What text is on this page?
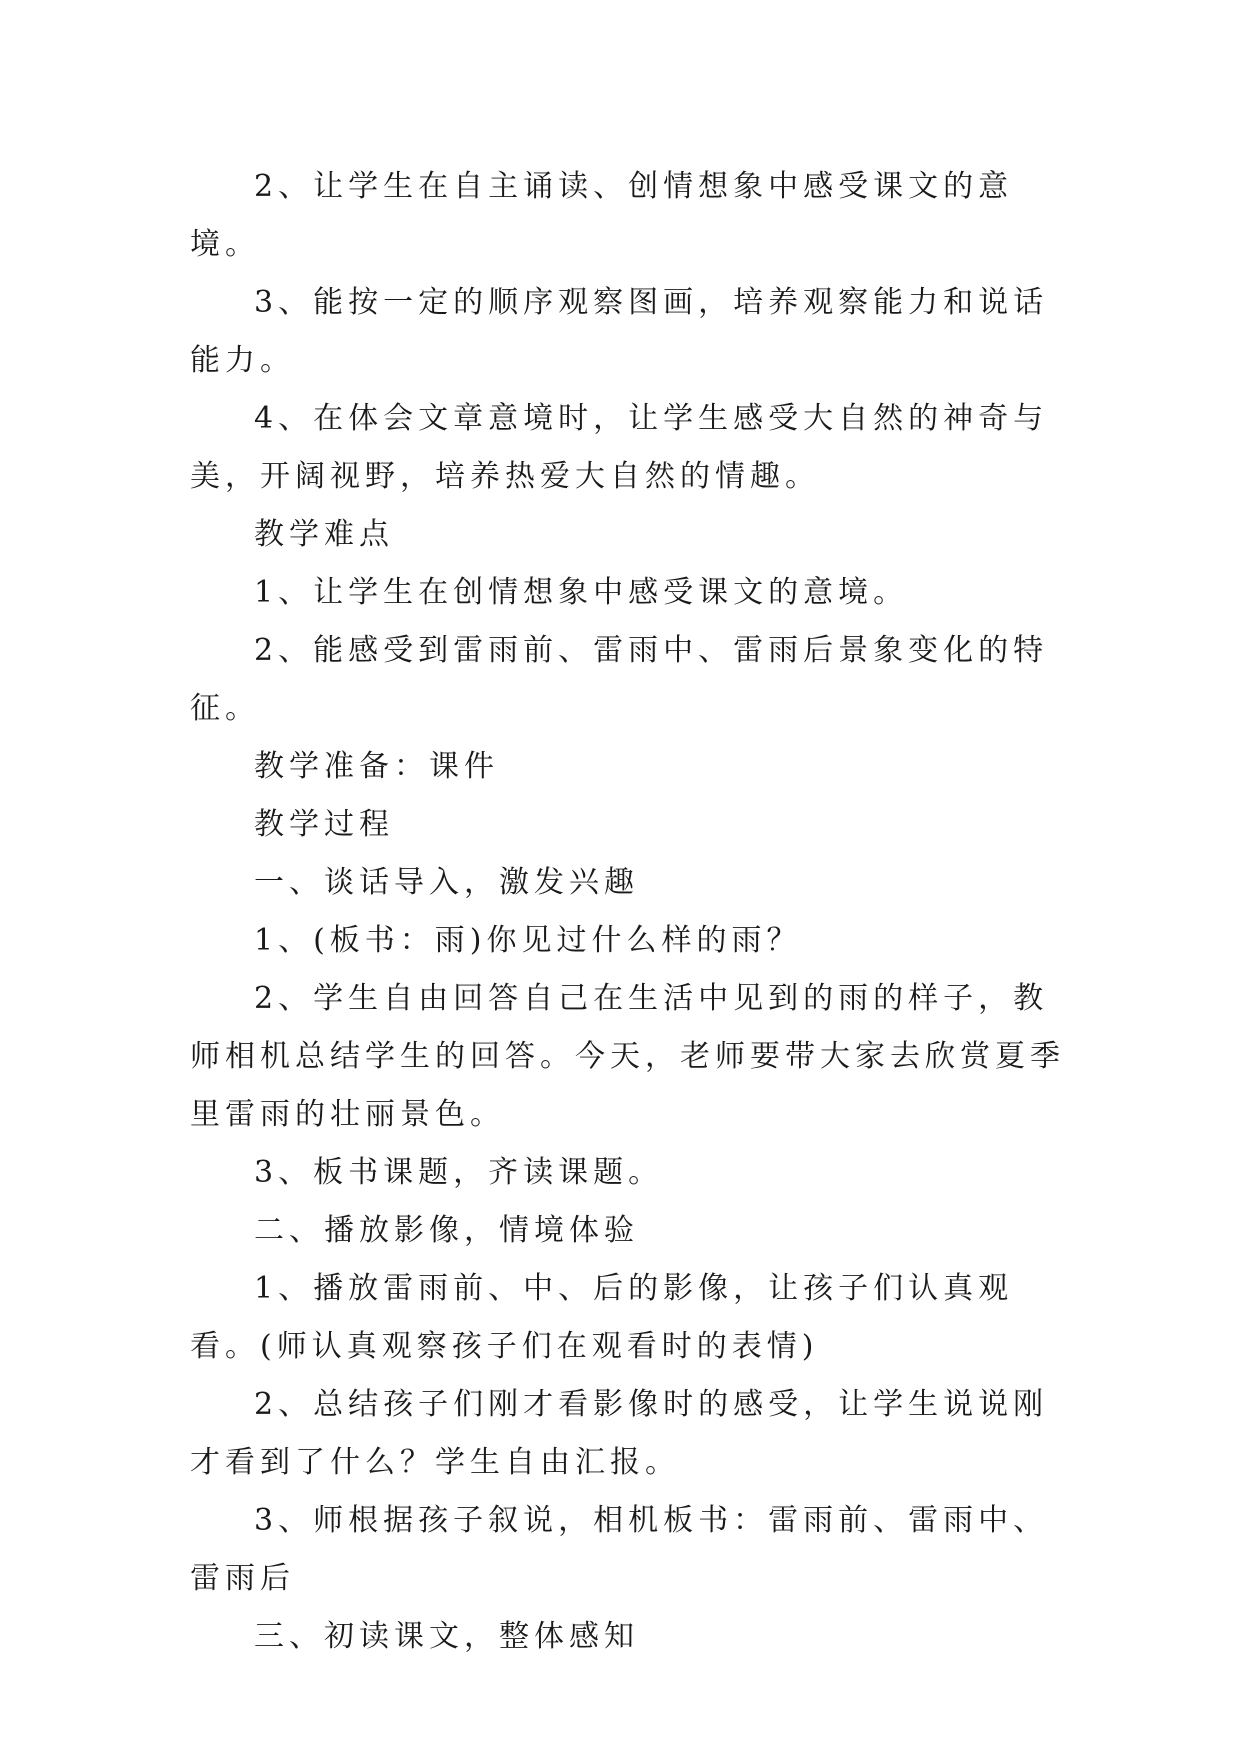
2、让学生在自主诵读、创情想象中感受课文的意境。

3、能按一定的顺序观察图画，培养观察能力和说话能力。

4、在体会文章意境时，让学生感受大自然的神奇与美，开阔视野，培养热爱大自然的情趣。

教学难点

1、让学生在创情想象中感受课文的意境。

2、能感受到雷雨前、雷雨中、雷雨后景象变化的特征。

教学准备：课件

教学过程

一、谈话导入，激发兴趣

1、(板书：雨)你见过什么样的雨？

2、学生自由回答自己在生活中见到的雨的样子，教师相机总结学生的回答。今天，老师要带大家去欣赏夏季里雷雨的壮丽景色。

3、板书课题，齐读课题。

二、播放影像，情境体验

1、播放雷雨前、中、后的影像，让孩子们认真观看。(师认真观察孩子们在观看时的表情)

2、总结孩子们刚才看影像时的感受，让学生说说刚才看到了什么？学生自由汇报。

3、师根据孩子叙说，相机板书：雷雨前、雷雨中、雷雨后

三、初读课文，整体感知
